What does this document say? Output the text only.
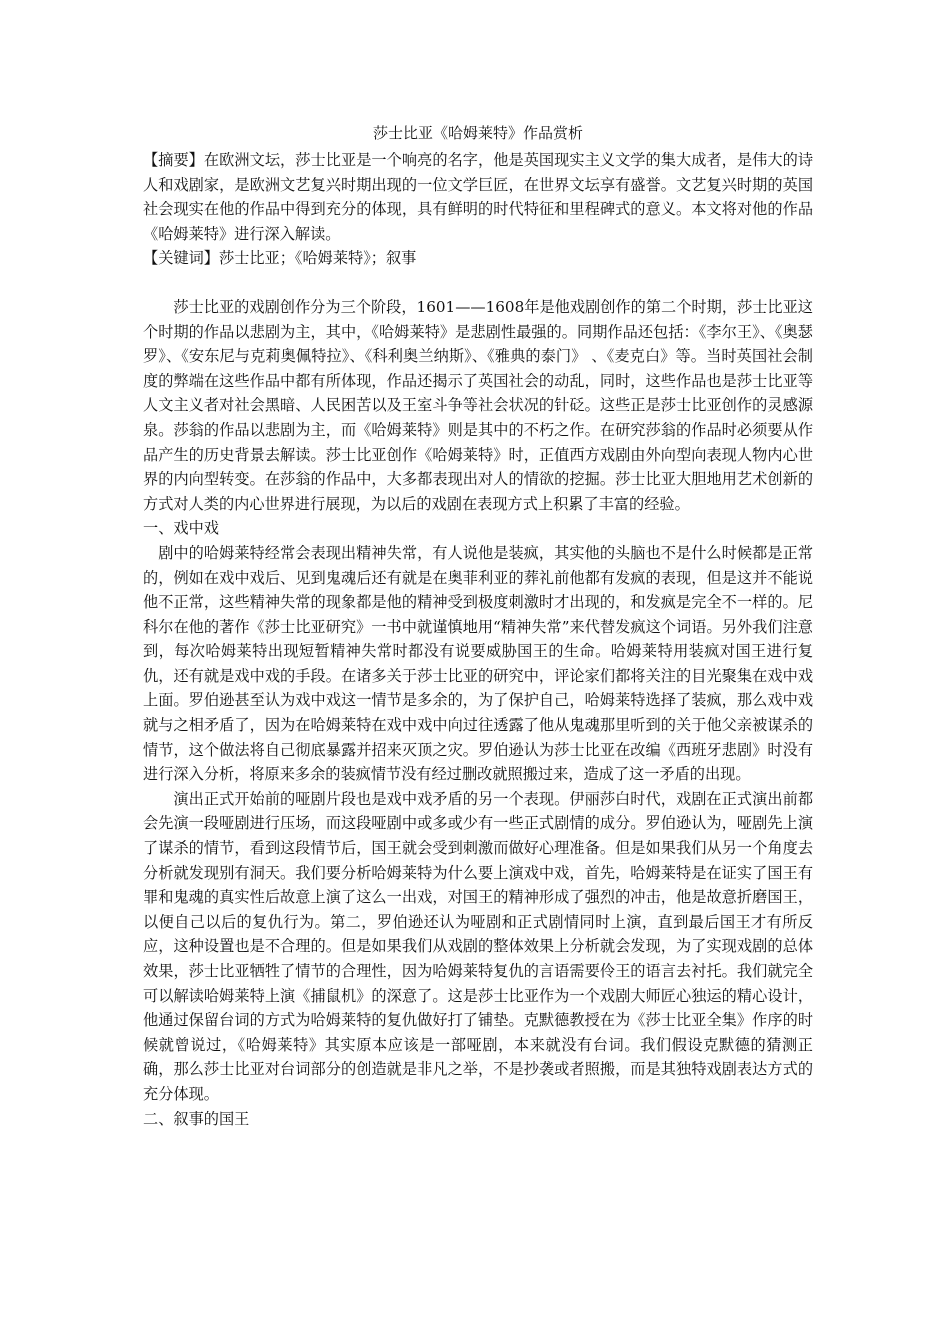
莎士比亚《哈姆莱特》作品赏析

【摘要】在欧洲文坛，莎士比亚是一个响亮的名字，他是英国现实主义文学的集大成者，是伟大的诗人和戏剧家，是欧洲文艺复兴时期出现的一位文学巨匠，在世界文坛享有盛誉。文艺复兴时期的英国社会现实在他的作品中得到充分的体现，具有鲜明的时代特征和里程碑式的意义。本文将对他的作品《哈姆莱特》进行深入解读。

【关键词】莎士比亚；《哈姆莱特》；叙事

莎士比亚的戏剧创作分为三个阶段，1601——1608年是他戏剧创作的第二个时期，莎士比亚这个时期的作品以悲剧为主，其中，《哈姆莱特》是悲剧性最强的。同期作品还包括：《李尔王》、《奥瑟罗》、《安东尼与克莉奥佩特拉》、《科利奥兰纳斯》、《雅典的泰门》 、《麦克白》等。当时英国社会制度的弊端在这些作品中都有所体现，作品还揭示了英国社会的动乱，同时，这些作品也是莎士比亚等人文主义者对社会黑暗、人民困苦以及王室斗争等社会状况的针砭。这些正是莎士比亚创作的灵感源泉。莎翁的作品以悲剧为主，而《哈姆莱特》则是其中的不朽之作。在研究莎翁的作品时必须要从作品产生的历史背景去解读。莎士比亚创作《哈姆莱特》时，正值西方戏剧由外向型向表现人物内心世界的内向型转变。在莎翁的作品中，大多都表现出对人的情欲的挖掘。莎士比亚大胆地用艺术创新的方式对人类的内心世界进行展现，为以后的戏剧在表现方式上积累了丰富的经验。

一、戏中戏

剧中的哈姆莱特经常会表现出精神失常，有人说他是装疯，其实他的头脑也不是什么时候都是正常的，例如在戏中戏后、见到鬼魂后还有就是在奥菲利亚的葬礼前他都有发疯的表现，但是这并不能说他不正常，这些精神失常的现象都是他的精神受到极度刺激时才出现的，和发疯是完全不一样的。尼科尔在他的著作《莎士比亚研究》一书中就谨慎地用“精神失常”来代替发疯这个词语。另外我们注意到，每次哈姆莱特出现短暂精神失常时都没有说要威胁国王的生命。哈姆莱特用装疯对国王进行复仇，还有就是戏中戏的手段。在诸多关于莎士比亚的研究中，评论家们都将关注的目光聚集在戏中戏上面。罗伯逊甚至认为戏中戏这一情节是多余的，为了保护自己，哈姆莱特选择了装疯，那么戏中戏就与之相矛盾了，因为在哈姆莱特在戏中戏中向过往透露了他从鬼魂那里听到的关于他父亲被谋杀的情节，这个做法将自己彻底暴露并招来灭顶之灾。罗伯逊认为莎士比亚在改编《西班牙悲剧》时没有进行深入分析，将原来多余的装疯情节没有经过删改就照搬过来，造成了这一矛盾的出现。

演出正式开始前的哑剧片段也是戏中戏矛盾的另一个表现。伊丽莎白时代，戏剧在正式演出前都会先演一段哑剧进行压场，而这段哑剧中或多或少有一些正式剧情的成分。罗伯逊认为，哑剧先上演了谋杀的情节，看到这段情节后，国王就会受到刺激而做好心理准备。但是如果我们从另一个角度去分析就发现别有洞天。我们要分析哈姆莱特为什么要上演戏中戏，首先，哈姆莱特是在证实了国王有罪和鬼魂的真实性后故意上演了这么一出戏，对国王的精神形成了强烈的冲击，他是故意折磨国王，以便自己以后的复仇行为。第二，罗伯逊还认为哑剧和正式剧情同时上演，直到最后国王才有所反应，这种设置也是不合理的。但是如果我们从戏剧的整体效果上分析就会发现，为了实现戏剧的总体效果，莎士比亚牺牲了情节的合理性，因为哈姆莱特复仇的言语需要伶王的语言去衬托。我们就完全可以解读哈姆莱特上演《捕鼠机》的深意了。这是莎士比亚作为一个戏剧大师匠心独运的精心设计，他通过保留台词的方式为哈姆莱特的复仇做好打了铺垫。克默德教授在为《莎士比亚全集》作序的时候就曾说过，《哈姆莱特》其实原本应该是一部哑剧，本来就没有台词。我们假设克默德的猜测正确，那么莎士比亚对台词部分的创造就是非凡之举，不是抄袭或者照搬，而是其独特戏剧表达方式的充分体现。

二、叙事的国王
